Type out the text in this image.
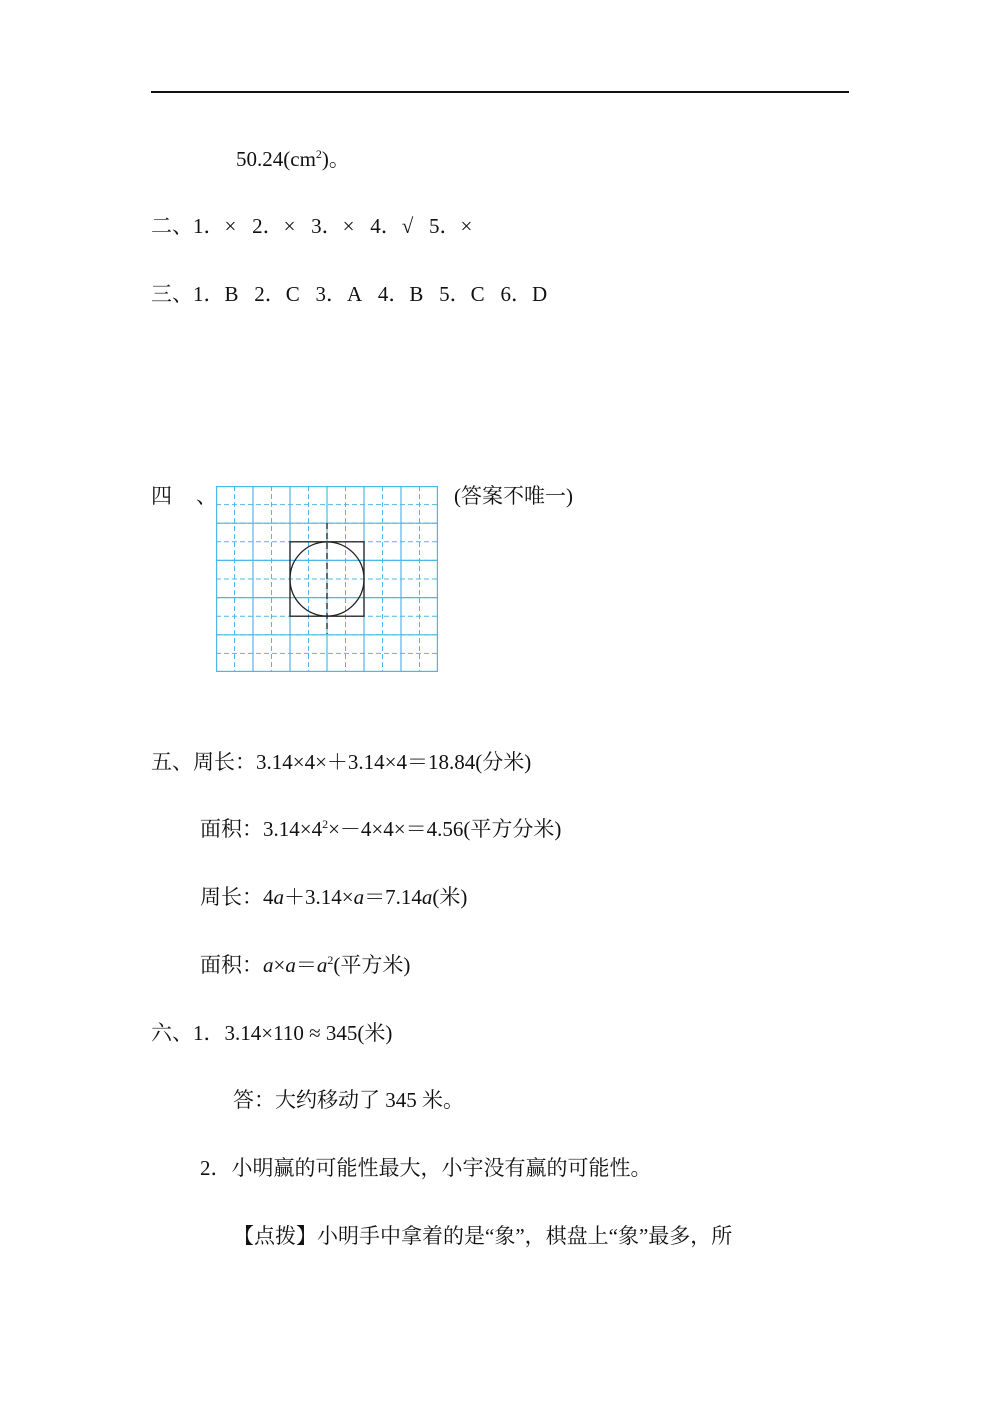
$50.24(cm^2)$。
二、1．×   2．×   3．×   4．√   5．×
三、1．B   2．C   3．A   4．B   5．C   6．D
四 、	(答案不唯一)
五、周长：3.14×4×＋3.14×4＝18.84(分米)
面积：$3.14\times 4^2\times-4\times 4\times=4.56$(平方分米)
周长：4a＋3.14×a＝7.14a(米)
面积：$a\times a=a^2$(平方米)
六、1．3.14×110 ≈ 345(米)
答：大约移动了 345 米。
2．小明赢的可能性最大，小宇没有赢的可能性。
【点拨】小明手中拿着的是“象”，棋盘上“象”最多，所
